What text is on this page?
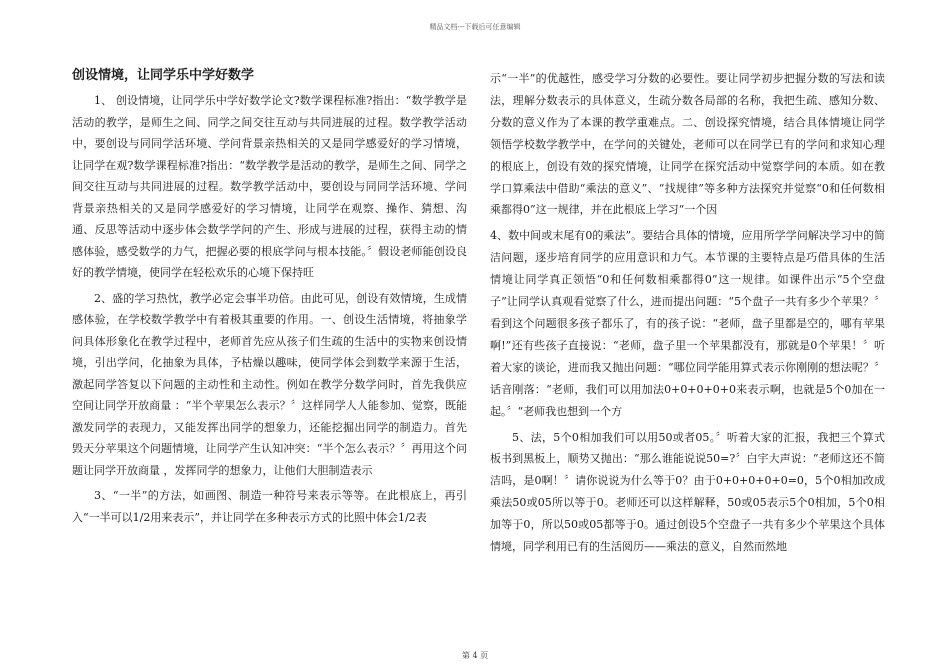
精品文档---下载后可任意编辑
创设情境，让同学乐中学好数学

1、 创设情境，让同学乐中学好数学论文?数学课程标准?指出：“数学教学是活动的教学，是师生之间、同学之间交往互动与共同进展的过程。数学教学活动中，要创设与同同学活环境、学问背景亲热相关的又是同学感爱好的学习情境，让同学在观?数学课程标准?指出：“数学教学是活动的教学，是师生之间、同学之间交往互动与共同进展的过程。数学教学活动中，要创设与同同学活环境、学问背景亲热相关的又是同学感爱好的学习情境，让同学在观察、操作、猜想、沟通、反思等活动中逐步体会数学学问的产生、形成与进展的过程，获得主动的情感体验，感受数学的力气，把握必要的根底学问与根本技能。〞假设老师能创设良好的教学情境，使同学在轻松欢乐的心境下保持旺

2、盛的学习热忱，教学必定会事半功倍。由此可见，创设有效情境，生成情感体验，在学校数学教学中有着极其重要的作用。一、创设生活情境，将抽象学问具体形象化在教学过程中，老师首先应从孩子们生疏的生活中的实物来创设情境，引出学问，化抽象为具体，予枯燥以趣味，使同学体会到数学来源于生活，激起同学答复以下问题的主动性和主动性。例如在教学分数学问时，首先我供应空间让同学开放商量 ：“半个苹果怎么表示？〞这样同学人人能参加、觉察，既能激发同学的表现力，又能发挥出同学的想象力，还能挖掘出同学的制造力。首先毁天分苹果这个问题情境，让同学产生认知冲突：“半个怎么表示？〞再用这个问题让同学开放商量 ，发挥同学的想象力，让他们大胆制造表示

3、“一半”的方法，如画图、制造一种符号来表示等等。在此根底上，再引入“一半可以1/2用来表示”，并让同学在多种表示方式的比照中体会1/2表

示“一半”的优越性，感受学习分数的必要性。要让同学初步把握分数的写法和读法，理解分数表示的具体意义，生疏分数各局部的名称，我把生疏、感知分数、分数的意义作为了本课的教学重难点。二、创设探究情境，结合具体情境让同学领悟学校数学教学中，在学问的关键处，老师可以在同学已有的学问和求知心理的根底上，创设有效的探究情境，让同学在探究活动中觉察学问的本质。如在教学口算乘法中借助“乘法的意义”、“找规律”等多种方法探究并觉察“0和任何数相乘都得0”这一规律，并在此根底上学习“一个因

4、数中间或末尾有0的乘法”。要结合具体的情境，应用所学学问解决学习中的简洁问题，逐步培育同学的应用意识和力气。本节课的主要特点是巧借具体的生活情境让同学真正领悟“0和任何数相乘都得0”这一规律。如课件出示“5个空盘子”让同学认真观看觉察了什么，进而提出问题：“5个盘子一共有多少个苹果？〞看到这个问题很多孩子都乐了，有的孩子说：“老师，盘子里都是空的，哪有苹果啊!”还有些孩子直接说：“老师，盘子里一个苹果都没有，那就是0个苹果！〞听着大家的谈论，进而我又抛出问题：“哪位同学能用算式表示你刚刚的想法呢？〞话音刚落：“老师，我们可以用加法0+0+0+0+0来表示啊，也就是5个0加在一起。〞“老师我也想到一个方

5、法，5个0相加我们可以用50或者05。〞听着大家的汇报，我把三个算式板书到黑板上，顺势又抛出：“那么谁能说说50=?〞白宇大声说：“老师这还不简洁吗，是0啊！〞请你说说为什么等于0？由于0+0+0+0+0=0，5个0相加改成乘法50或05所以等于0。老师还可以这样解释，50或05表示5个0相加，5个0相加等于0，所以50或05都等于0。通过创设5个空盘子一共有多少个苹果这个具体情境，同学利用已有的生活阅历——乘法的意义，自然而然地

第 4 页
